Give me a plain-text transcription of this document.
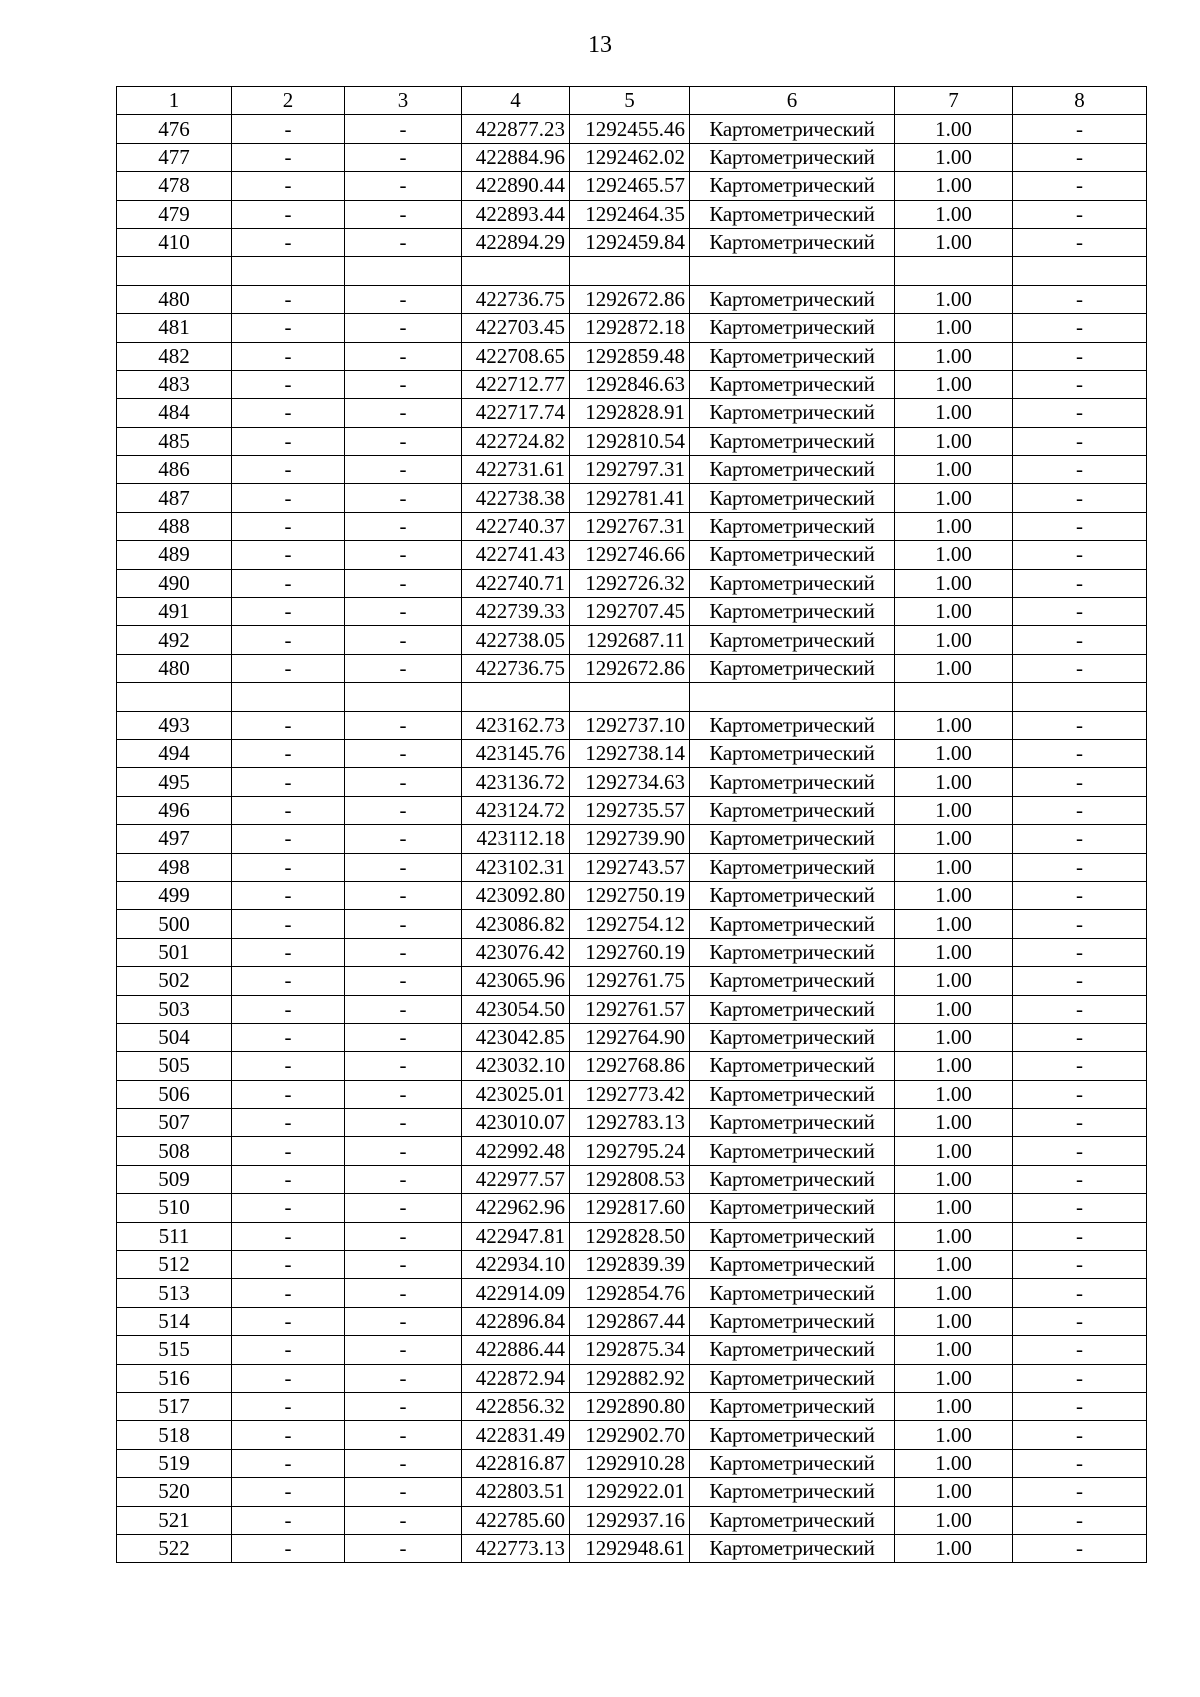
13
1	2	3	4	5	6	7	8
476	-	-	422877.23	1292455.46	Картометрический	1.00	-
477	-	-	422884.96	1292462.02	Картометрический	1.00	-
478	-	-	422890.44	1292465.57	Картометрический	1.00	-
479	-	-	422893.44	1292464.35	Картометрический	1.00	-
410	-	-	422894.29	1292459.84	Картометрический	1.00	-

480	-	-	422736.75	1292672.86	Картометрический	1.00	-
481	-	-	422703.45	1292872.18	Картометрический	1.00	-
482	-	-	422708.65	1292859.48	Картометрический	1.00	-
483	-	-	422712.77	1292846.63	Картометрический	1.00	-
484	-	-	422717.74	1292828.91	Картометрический	1.00	-
485	-	-	422724.82	1292810.54	Картометрический	1.00	-
486	-	-	422731.61	1292797.31	Картометрический	1.00	-
487	-	-	422738.38	1292781.41	Картометрический	1.00	-
488	-	-	422740.37	1292767.31	Картометрический	1.00	-
489	-	-	422741.43	1292746.66	Картометрический	1.00	-
490	-	-	422740.71	1292726.32	Картометрический	1.00	-
491	-	-	422739.33	1292707.45	Картометрический	1.00	-
492	-	-	422738.05	1292687.11	Картометрический	1.00	-
480	-	-	422736.75	1292672.86	Картометрический	1.00	-

493	-	-	423162.73	1292737.10	Картометрический	1.00	-
494	-	-	423145.76	1292738.14	Картометрический	1.00	-
495	-	-	423136.72	1292734.63	Картометрический	1.00	-
496	-	-	423124.72	1292735.57	Картометрический	1.00	-
497	-	-	423112.18	1292739.90	Картометрический	1.00	-
498	-	-	423102.31	1292743.57	Картометрический	1.00	-
499	-	-	423092.80	1292750.19	Картометрический	1.00	-
500	-	-	423086.82	1292754.12	Картометрический	1.00	-
501	-	-	423076.42	1292760.19	Картометрический	1.00	-
502	-	-	423065.96	1292761.75	Картометрический	1.00	-
503	-	-	423054.50	1292761.57	Картометрический	1.00	-
504	-	-	423042.85	1292764.90	Картометрический	1.00	-
505	-	-	423032.10	1292768.86	Картометрический	1.00	-
506	-	-	423025.01	1292773.42	Картометрический	1.00	-
507	-	-	423010.07	1292783.13	Картометрический	1.00	-
508	-	-	422992.48	1292795.24	Картометрический	1.00	-
509	-	-	422977.57	1292808.53	Картометрический	1.00	-
510	-	-	422962.96	1292817.60	Картометрический	1.00	-
511	-	-	422947.81	1292828.50	Картометрический	1.00	-
512	-	-	422934.10	1292839.39	Картометрический	1.00	-
513	-	-	422914.09	1292854.76	Картометрический	1.00	-
514	-	-	422896.84	1292867.44	Картометрический	1.00	-
515	-	-	422886.44	1292875.34	Картометрический	1.00	-
516	-	-	422872.94	1292882.92	Картометрический	1.00	-
517	-	-	422856.32	1292890.80	Картометрический	1.00	-
518	-	-	422831.49	1292902.70	Картометрический	1.00	-
519	-	-	422816.87	1292910.28	Картометрический	1.00	-
520	-	-	422803.51	1292922.01	Картометрический	1.00	-
521	-	-	422785.60	1292937.16	Картометрический	1.00	-
522	-	-	422773.13	1292948.61	Картометрический	1.00	-
